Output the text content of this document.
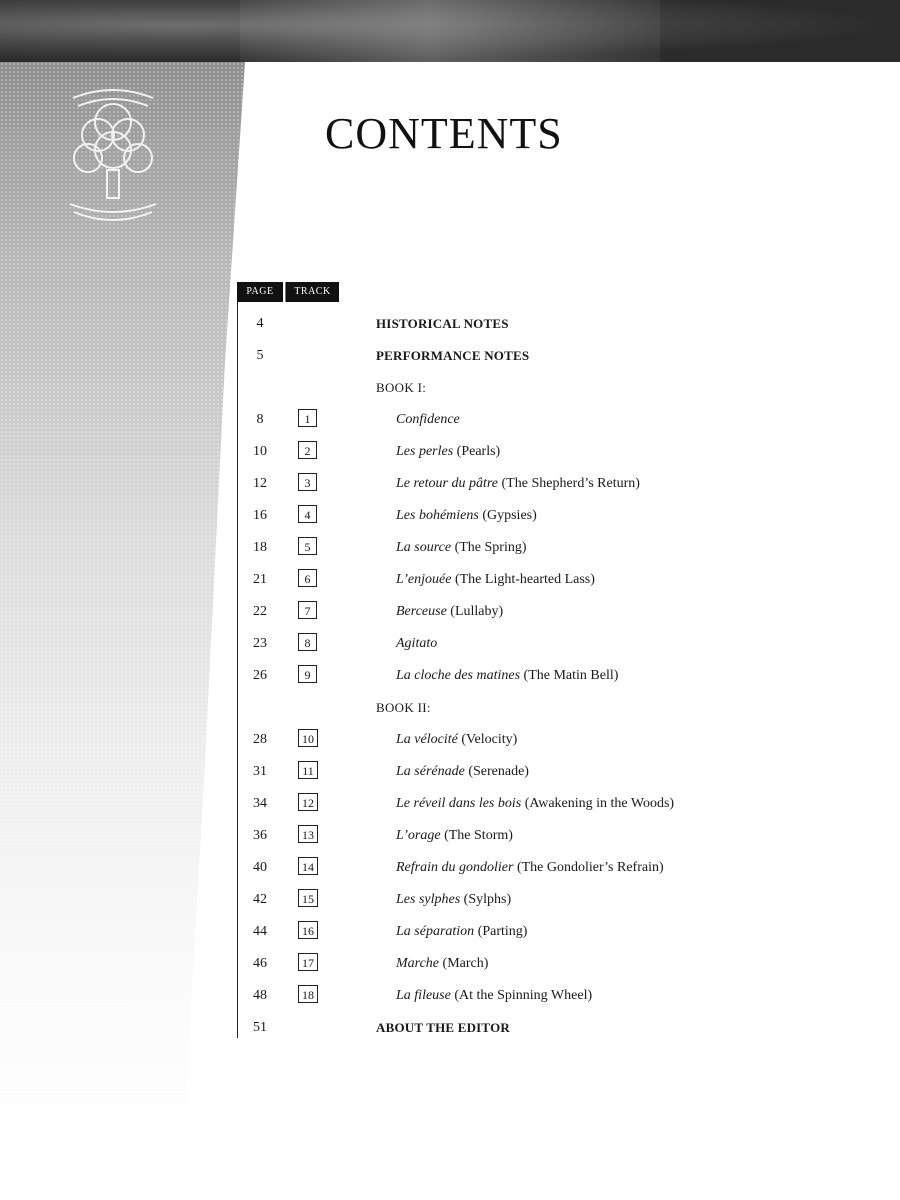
CONTENTS
PAGE	TRACK
4	HISTORICAL NOTES
5	PERFORMANCE NOTES
BOOK I:
8	1	Confidence
10	2	Les perles (Pearls)
12	3	Le retour du pâtre (The Shepherd’s Return)
16	4	Les bohémiens (Gypsies)
18	5	La source (The Spring)
21	6	L’enjouée (The Light-hearted Lass)
22	7	Berceuse (Lullaby)
23	8	Agitato
26	9	La cloche des matines (The Matin Bell)
BOOK II:
28	10	La vélocité (Velocity)
31	11	La sérénade (Serenade)
34	12	Le réveil dans les bois (Awakening in the Woods)
36	13	L’orage (The Storm)
40	14	Refrain du gondolier (The Gondolier’s Refrain)
42	15	Les sylphes (Sylphs)
44	16	La séparation (Parting)
46	17	Marche (March)
48	18	La fileuse (At the Spinning Wheel)
51	ABOUT THE EDITOR
